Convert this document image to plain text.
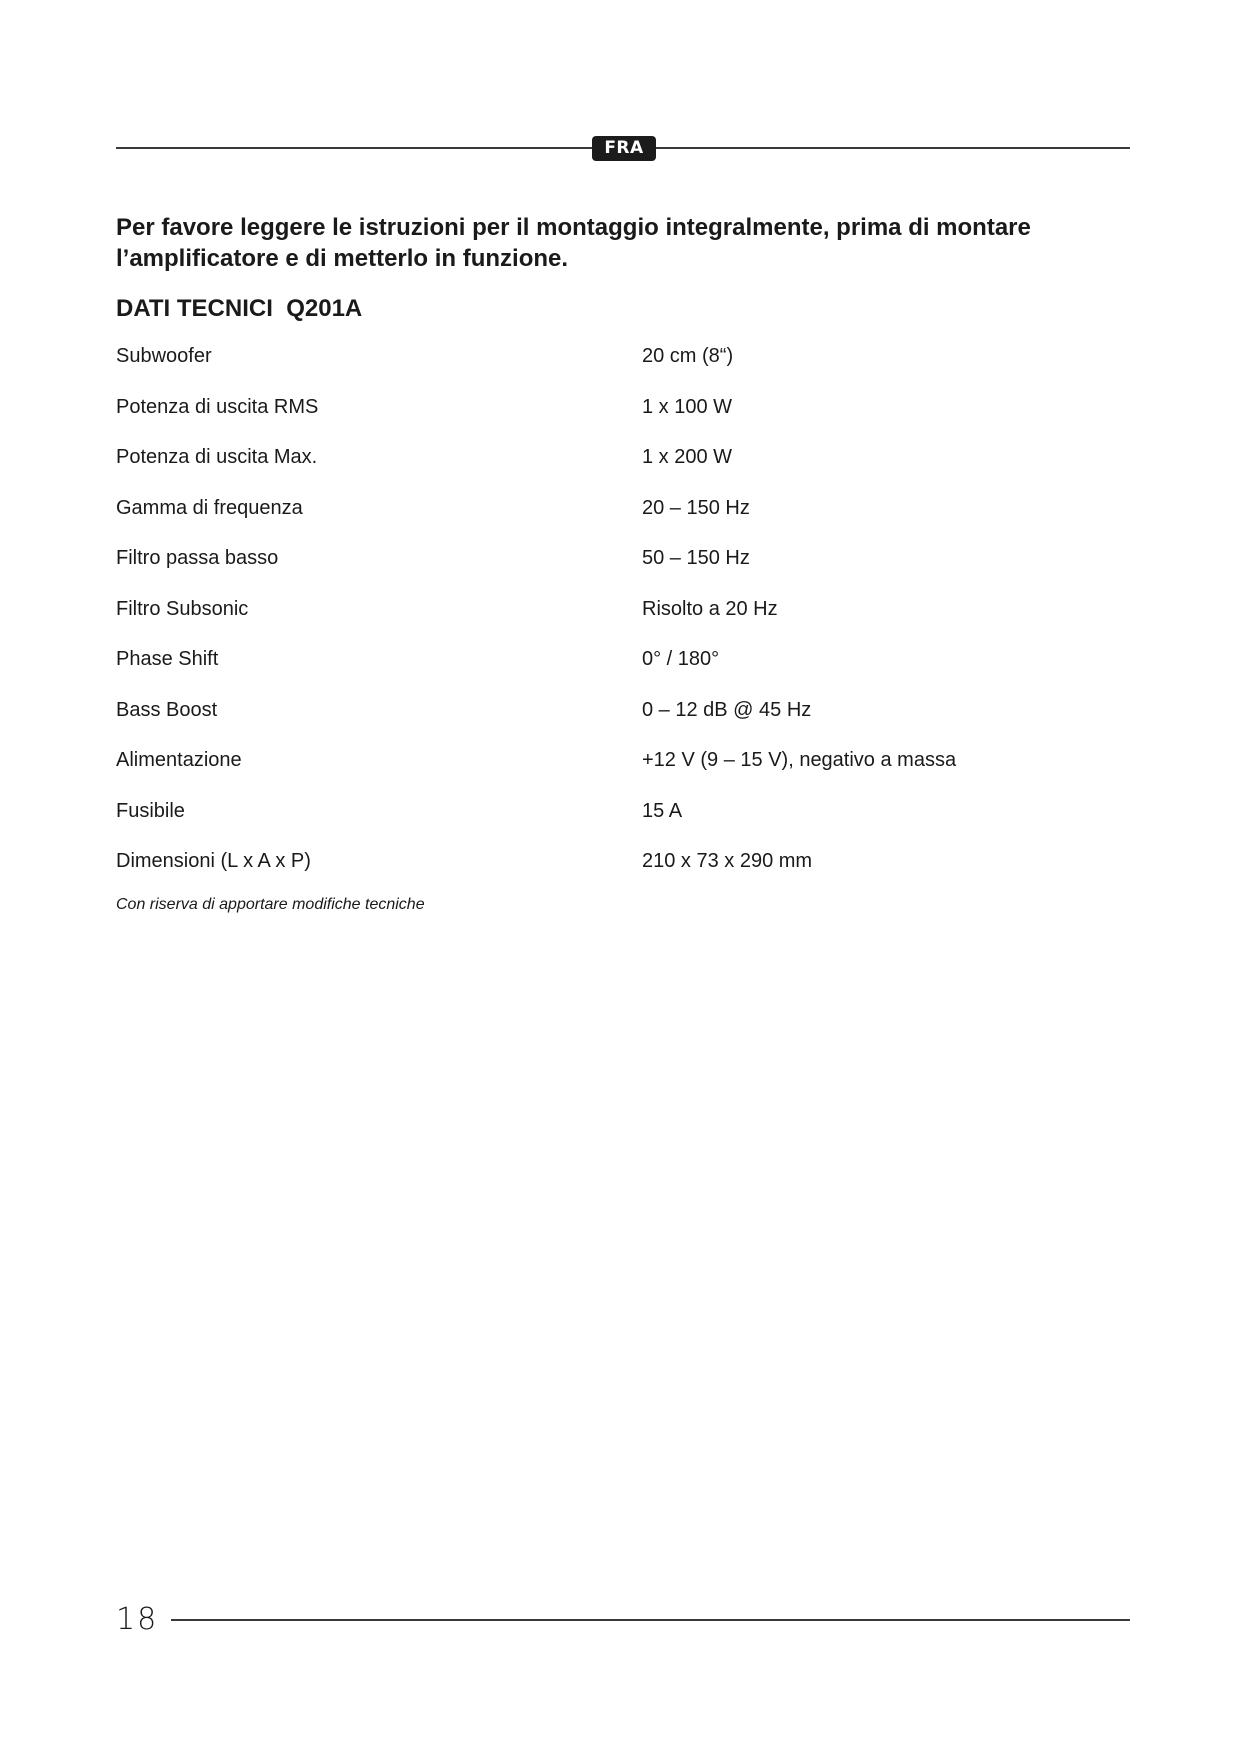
FRA

Per favore leggere le istruzioni per il montaggio integralmente, prima di montare l’amplificatore e di metterlo in funzione.

DATI TECNICI  Q201A
Subwoofer	20 cm (8“)
Potenza di uscita RMS	1 x 100 W
Potenza di uscita Max.	1 x 200 W
Gamma di frequenza	20 – 150 Hz
Filtro passa basso	50 – 150 Hz
Filtro Subsonic	Risolto a 20 Hz
Phase Shift	0° / 180°
Bass Boost	0 – 12 dB @ 45 Hz
Alimentazione	+12 V (9 – 15 V), negativo a massa
Fusibile	15 A
Dimensioni (L x A x P)	210 x 73 x 290 mm

Con riserva di apportare modifiche tecniche

18
